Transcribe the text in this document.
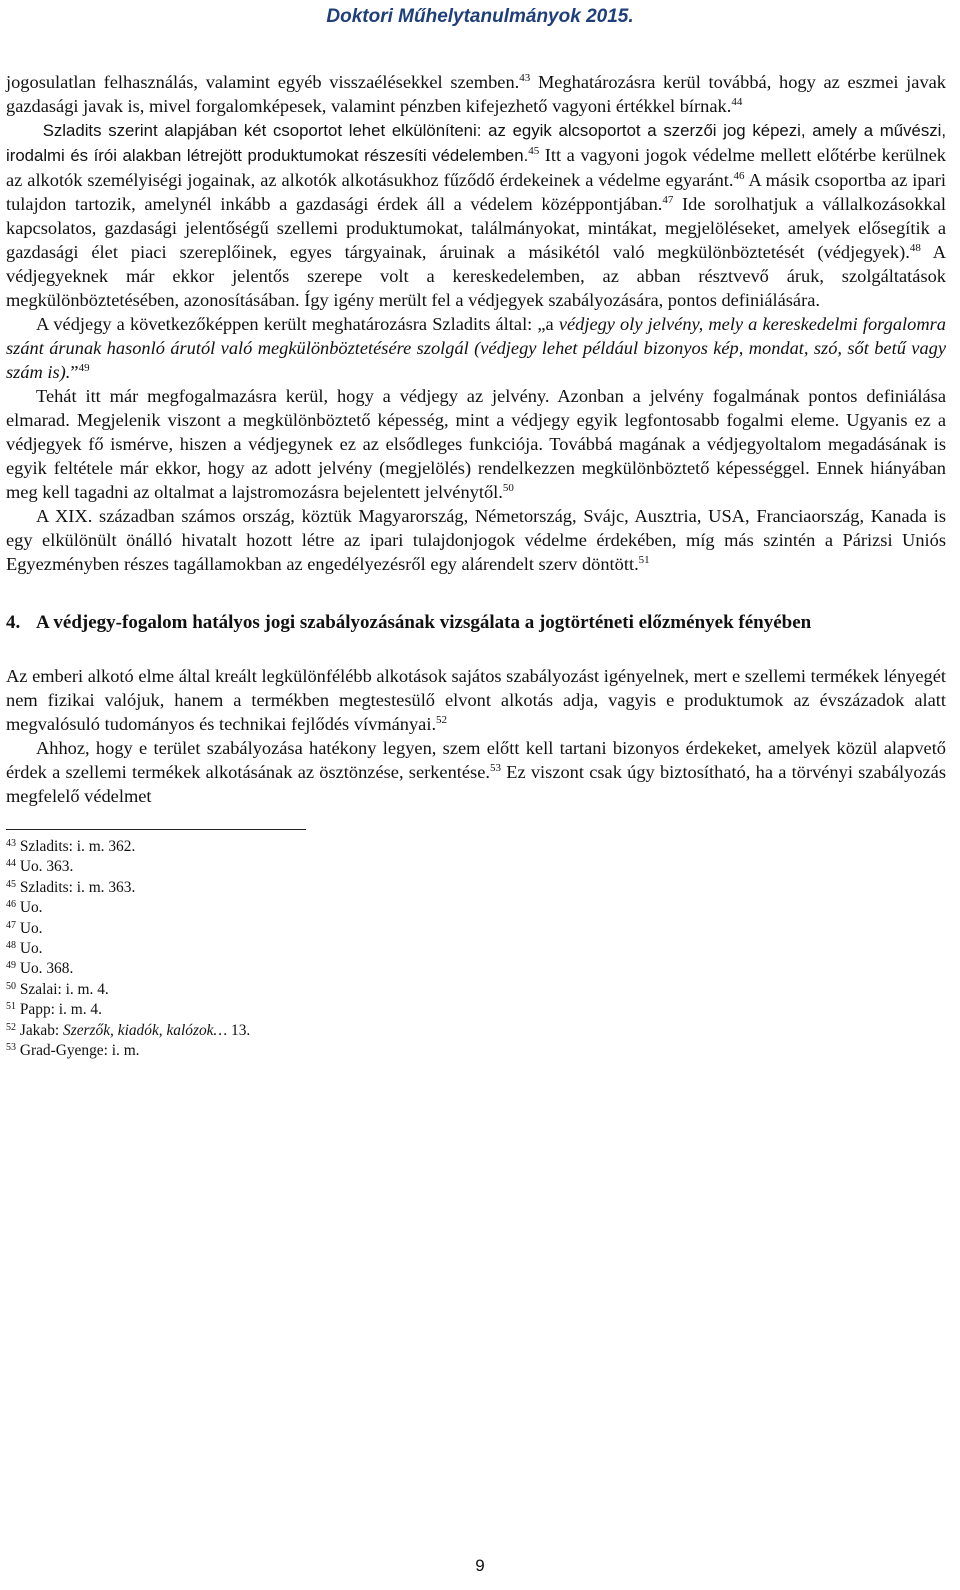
Doktori Műhelytanulmányok 2015.

jogosulatlan felhasználás, valamint egyéb visszaélésekkel szemben.$^{43}$ Meghatározásra kerül továbbá, hogy az eszmei javak gazdasági javak is, mivel forgalomképesek, valamint pénzben kifejezhető vagyoni értékkel bírnak.$^{44}$
Szladits szerint alapjában két csoportot lehet elkülöníteni: az egyik alcsoportot a szerzői jog képezi, amely a művészi, irodalmi és írói alakban létrejött produktumokat részesíti védelemben.$^{45}$ Itt a vagyoni jogok védelme mellett előtérbe kerülnek az alkotók személyiségi jogainak, az alkotók alkotásukhoz fűződő érdekeinek a védelme egyaránt.$^{46}$ A másik csoportba az ipari tulajdon tartozik, amelynél inkább a gazdasági érdek áll a védelem középpontjában.$^{47}$ Ide sorolhatjuk a vállalkozásokkal kapcsolatos, gazdasági jelentőségű szellemi produktumokat, találmányokat, mintákat, megjelöléseket, amelyek elősegítik a gazdasági élet piaci szereplőinek, egyes tárgyainak, áruinak a másikétól való megkülönböztetését (védjegyek).$^{48}$ A védjegyeknek már ekkor jelentős szerepe volt a kereskedelemben, az abban résztvevő áruk, szolgáltatások megkülönböztetésében, azonosításában. Így igény merült fel a védjegyek szabályozására, pontos definiálására.

A védjegy a következőképpen került meghatározásra Szladits által: „a védjegy oly jelvény, mely a kereskedelmi forgalomra szánt árunak hasonló árutól való megkülönböztetésére szolgál (védjegy lehet például bizonyos kép, mondat, szó, sőt betű vagy szám is).”$^{49}$

Tehát itt már megfogalmazásra kerül, hogy a védjegy az jelvény. Azonban a jelvény fogalmának pontos definiálása elmarad. Megjelenik viszont a megkülönböztető képesség, mint a védjegy egyik legfontosabb fogalmi eleme. Ugyanis ez a védjegyek fő ismérve, hiszen a védjegynek ez az elsődleges funkciója. Továbbá magának a védjegyoltalom megadásának is egyik feltétele már ekkor, hogy az adott jelvény (megjelölés) rendelkezzen megkülönböztető képességgel. Ennek hiányában meg kell tagadni az oltalmat a lajstromozásra bejelentett jelvénytől.$^{50}$

A XIX. században számos ország, köztük Magyarország, Németország, Svájc, Ausztria, USA, Franciaország, Kanada is egy elkülönült önálló hivatalt hozott létre az ipari tulajdonjogok védelme érdekében, míg más szintén a Párizsi Uniós Egyezményben részes tagállamokban az engedélyezésről egy alárendelt szerv döntött.$^{51}$

4. A védjegy-fogalom hatályos jogi szabályozásának vizsgálata a jogtörténeti előzmények fényében

Az emberi alkotó elme által kreált legkülönfélébb alkotások sajátos szabályozást igényelnek, mert e szellemi termékek lényegét nem fizikai valójuk, hanem a termékben megtestesülő elvont alkotás adja, vagyis e produktumok az évszázadok alatt megvalósuló tudományos és technikai fejlődés vívmányai.$^{52}$

Ahhoz, hogy e terület szabályozása hatékony legyen, szem előtt kell tartani bizonyos érdekeket, amelyek közül alapvető érdek a szellemi termékek alkotásának az ösztönzése, serkentése.$^{53}$ Ez viszont csak úgy biztosítható, ha a törvényi szabályozás megfelelő védelmet

$^{43}$ Szladits: i. m. 362.

$^{44}$ Uo. 363.

$^{45}$ Szladits: i. m. 363.

$^{46}$ Uo.

$^{47}$ Uo.

$^{48}$ Uo.

$^{49}$ Uo. 368.

$^{50}$ Szalai: i. m. 4.

$^{51}$ Papp: i. m. 4.

$^{52}$ Jakab: Szerzők, kiadók, kalózok… 13.

$^{53}$ Grad-Gyenge: i. m.

9
